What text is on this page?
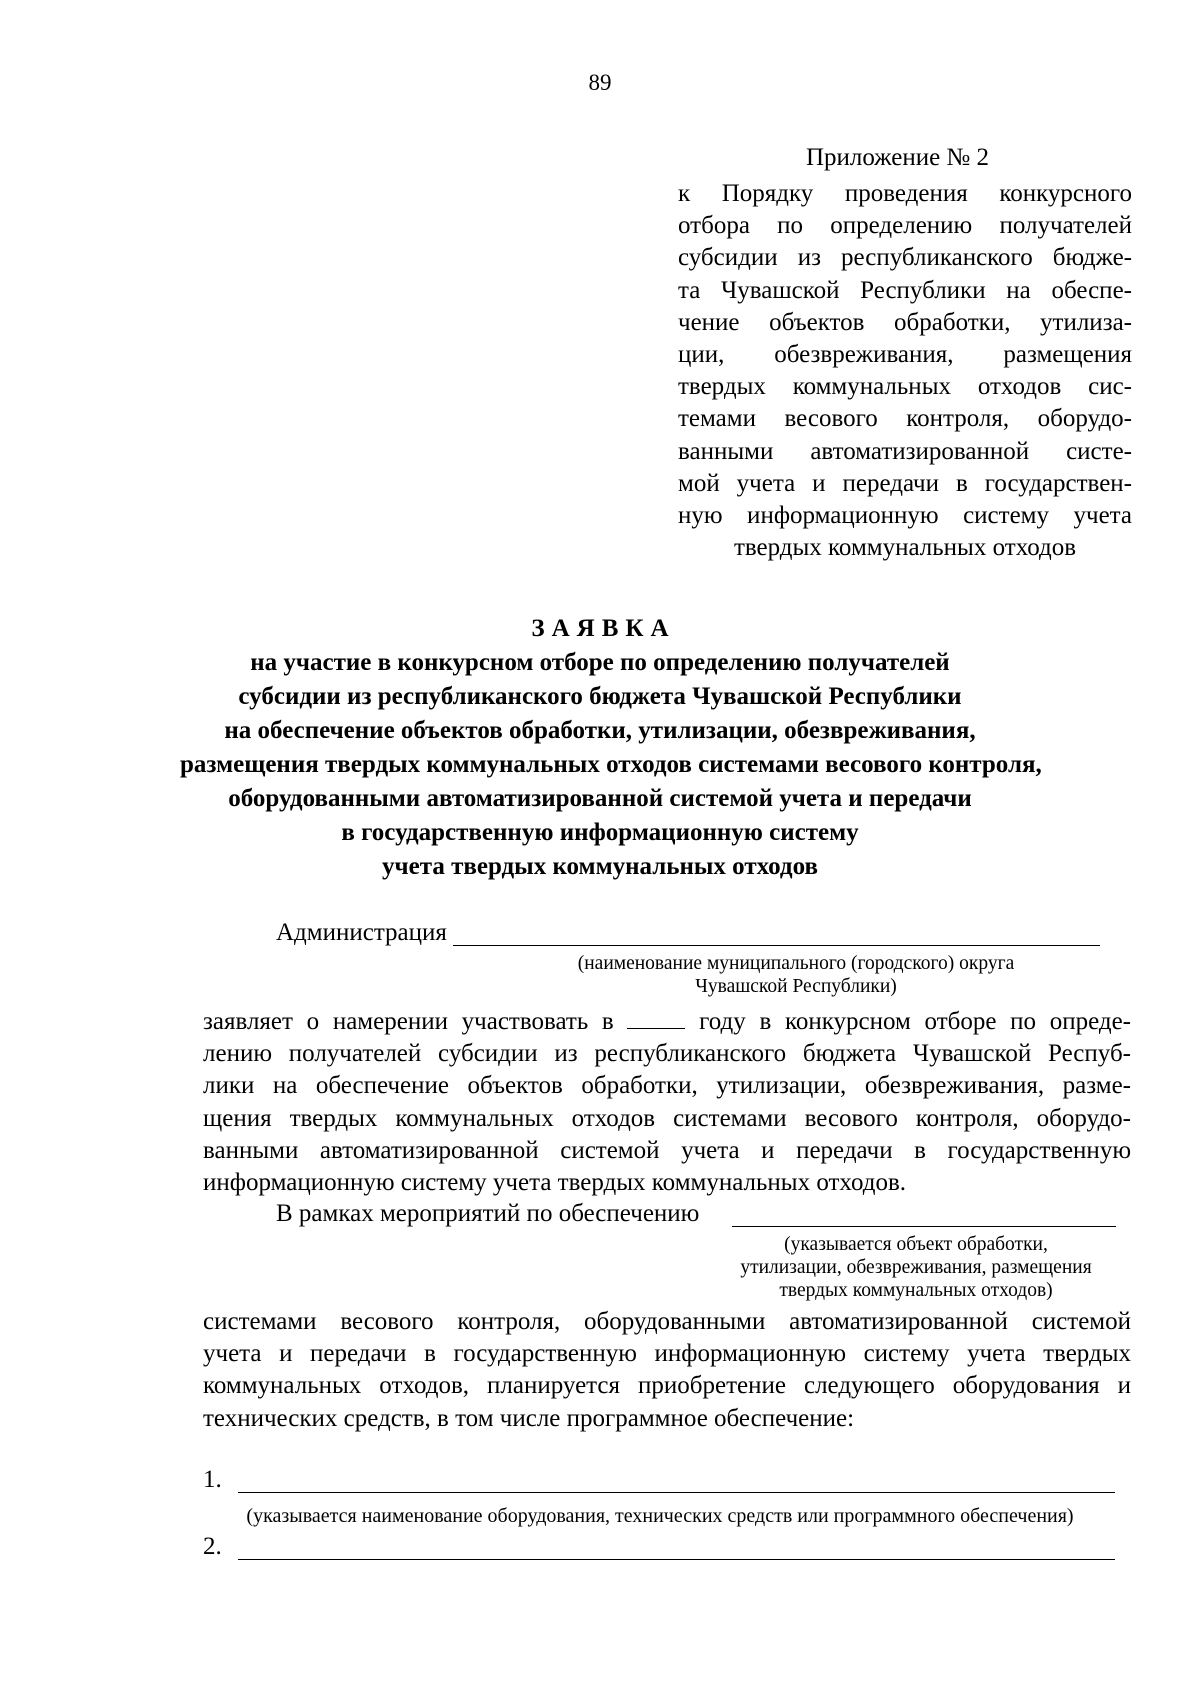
89
Приложение № 2
к Порядку проведения конкурсного
отбора по определению получателей
субсидии из республиканского бюдже-
та Чувашской Республики на обеспе-
чение объектов обработки, утилиза-
ции, обезвреживания, размещения
твердых коммунальных отходов сис-
темами весового контроля, оборудо-
ванными автоматизированной систе-
мой учета и передачи в государствен-
ную информационную систему учета
твердых коммунальных отходов
ЗАЯВКА
на участие в конкурсном отборе по определению получателей
субсидии из республиканского бюджета Чувашской Республики
на обеспечение объектов обработки, утилизации, обезвреживания,
размещения твердых коммунальных отходов системами весового контроля,
оборудованными автоматизированной системой учета и передачи
в государственную информационную систему
учета твердых коммунальных отходов
Администрация
(наименование муниципального (городского) округа
Чувашской Республики)
заявляет о намерении участвовать в	году в конкурсном отборе по опреде-
лению получателей субсидии из республиканского бюджета Чувашской Респуб-
лики на обеспечение объектов обработки, утилизации, обезвреживания, разме-
щения твердых коммунальных отходов системами весового контроля, оборудо-
ванными автоматизированной системой учета и передачи в государственную
информационную систему учета твердых коммунальных отходов.
В рамках мероприятий по обеспечению
(указывается объект обработки,
утилизации, обезвреживания, размещения
твердых коммунальных отходов)
системами весового контроля, оборудованными автоматизированной системой
учета и передачи в государственную информационную систему учета твердых
коммунальных отходов, планируется приобретение следующего оборудования и
технических средств, в том числе программное обеспечение:
1.
(указывается наименование оборудования, технических средств или программного обеспечения)
2.
